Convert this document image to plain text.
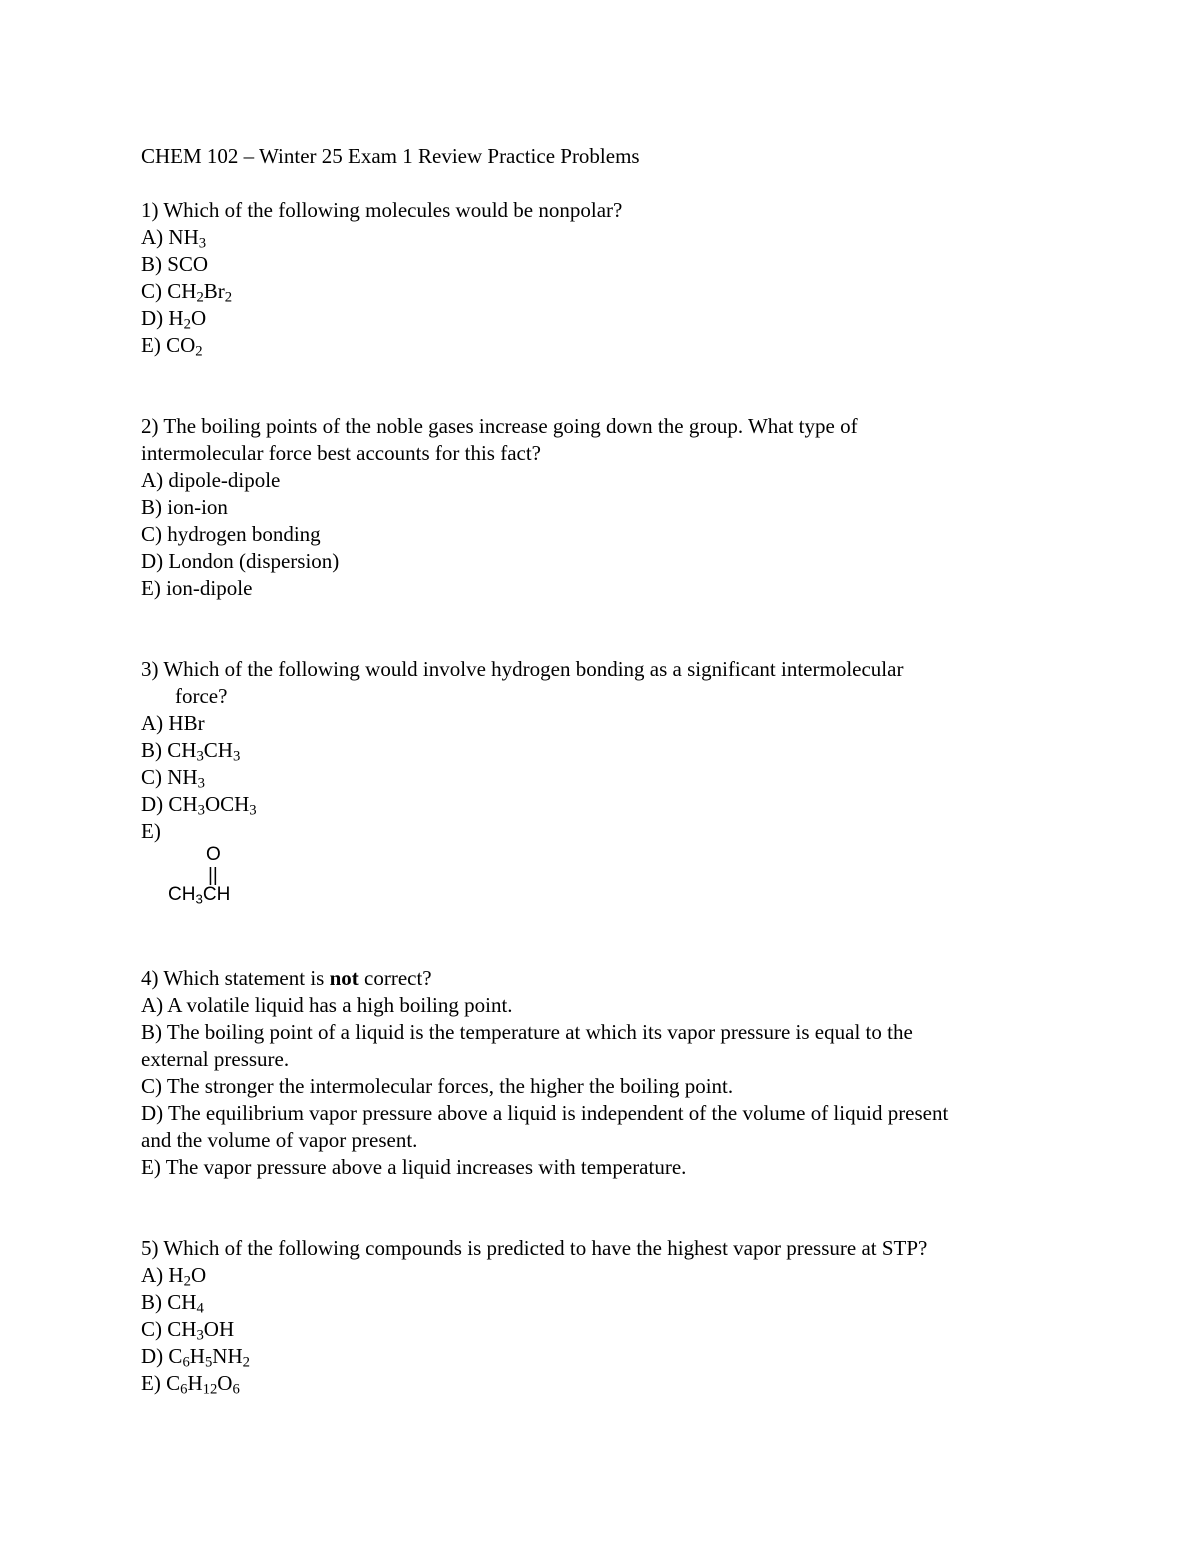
CHEM 102 – Winter 25 Exam 1 Review Practice Problems
1) Which of the following molecules would be nonpolar?
A) $NH_3$
B) SCO
C) $CH_2Br_2$
D) $H_2O$
E) $CO_2$
2) The boiling points of the noble gases increase going down the group. What type of
intermolecular force best accounts for this fact?
A) dipole-dipole
B) ion-ion
C) hydrogen bonding
D) London (dispersion)
E) ion-dipole
3) Which of the following would involve hydrogen bonding as a significant intermolecular
force?
A) HBr
B) $CH_3CH_3$
C) $NH_3$
D) $CH_3OCH_3$
E)
O
||
$CH_3CH$
4) Which statement is not correct?
A) A volatile liquid has a high boiling point.
B) The boiling point of a liquid is the temperature at which its vapor pressure is equal to the
external pressure.
C) The stronger the intermolecular forces, the higher the boiling point.
D) The equilibrium vapor pressure above a liquid is independent of the volume of liquid present
and the volume of vapor present.
E) The vapor pressure above a liquid increases with temperature.
5) Which of the following compounds is predicted to have the highest vapor pressure at STP?
A) $H_2O$
B) $CH_4$
C) $CH_3OH$
D) $C_6H_5NH_2$
E) $C_6H_{12}O_6$
